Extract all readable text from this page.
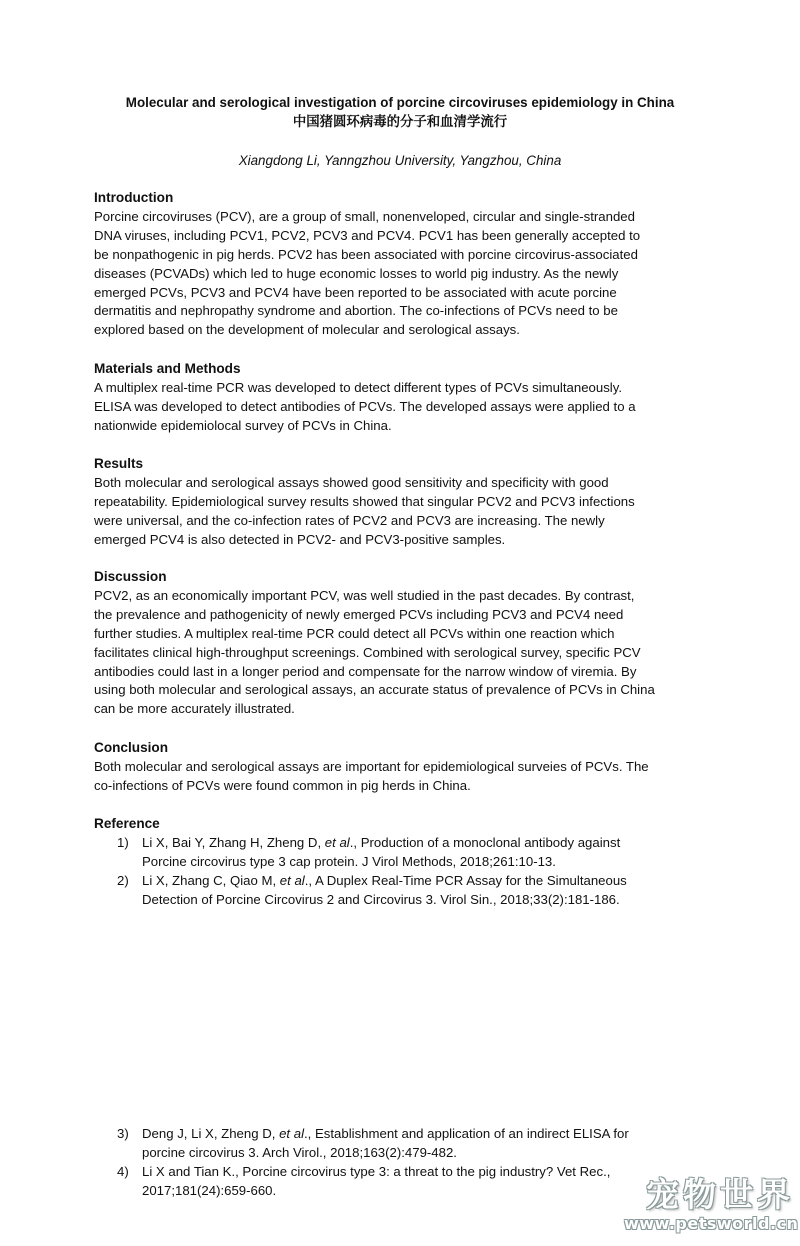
Molecular and serological investigation of porcine circoviruses epidemiology in China
中国猪圆环病毒的分子和血清学流行
Xiangdong Li, Yanngzhou University, Yangzhou, China

Introduction

Porcine circoviruses (PCV), are a group of small, nonenveloped, circular and single-stranded
DNA viruses, including PCV1, PCV2, PCV3 and PCV4. PCV1 has been generally accepted to
be nonpathogenic in pig herds. PCV2 has been associated with porcine circovirus-associated
diseases (PCVADs) which led to huge economic losses to world pig industry. As the newly
emerged PCVs, PCV3 and PCV4 have been reported to be associated with acute porcine
dermatitis and nephropathy syndrome and abortion. The co-infections of PCVs need to be
explored based on the development of molecular and serological assays.

Materials and Methods

A multiplex real-time PCR was developed to detect different types of PCVs simultaneously.
ELISA was developed to detect antibodies of PCVs. The developed assays were applied to a
nationwide epidemiolocal survey of PCVs in China.

Results

Both molecular and serological assays showed good sensitivity and specificity with good
repeatability. Epidemiological survey results showed that singular PCV2 and PCV3 infections
were universal, and the co-infection rates of PCV2 and PCV3 are increasing. The newly
emerged PCV4 is also detected in PCV2- and PCV3-positive samples.

Discussion

PCV2, as an economically important PCV, was well studied in the past decades. By contrast,
the prevalence and pathogenicity of newly emerged PCVs including PCV3 and PCV4 need
further studies. A multiplex real-time PCR could detect all PCVs within one reaction which
facilitates clinical high-throughput screenings. Combined with serological survey, specific PCV
antibodies could last in a longer period and compensate for the narrow window of viremia. By
using both molecular and serological assays, an accurate status of prevalence of PCVs in China
can be more accurately illustrated.

Conclusion

Both molecular and serological assays are important for epidemiological surveies of PCVs. The
co-infections of PCVs were found common in pig herds in China.

Reference

1) Li X, Bai Y, Zhang H, Zheng D, et al., Production of a monoclonal antibody against
Porcine circovirus type 3 cap protein. J Virol Methods, 2018;261:10-13.
2) Li X, Zhang C, Qiao M, et al., A Duplex Real-Time PCR Assay for the Simultaneous
Detection of Porcine Circovirus 2 and Circovirus 3. Virol Sin., 2018;33(2):181-186.
3) Deng J, Li X, Zheng D, et al., Establishment and application of an indirect ELISA for
porcine circovirus 3. Arch Virol., 2018;163(2):479-482.
4) Li X and Tian K., Porcine circovirus type 3: a threat to the pig industry? Vet Rec.,
2017;181(24):659-660.	宠物世界
www.petsworld.cn
